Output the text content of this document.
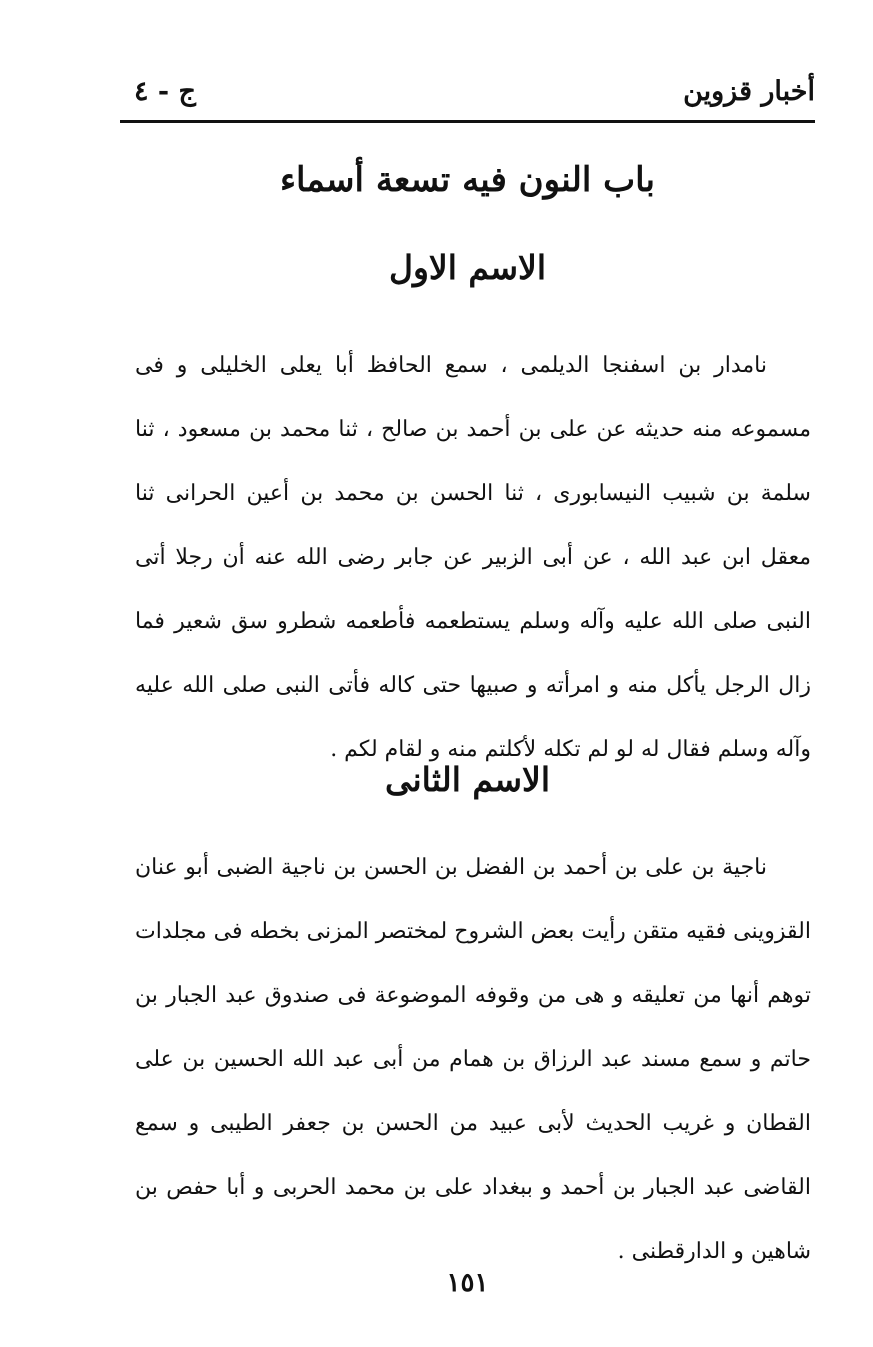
أخبار قزوين
ج - ٤
باب النون فيه تسعة أسماء
الاسم الاول

نامدار بن اسفنجا الديلمى ، سمع الحافظ أبا يعلى الخليلى و فى مسموعه منه حديثه عن على بن أحمد بن صالح ، ثنا محمد بن مسعود ، ثنا سلمة بن شبيب النيسابورى ، ثنا الحسن بن محمد بن أعين الحرانى ثنا معقل ابن عبد الله ، عن أبى الزبير عن جابر رضى الله عنه أن رجلا أتى النبى صلى الله عليه وآله وسلم يستطعمه فأطعمه شطرو سق شعير فما زال الرجل يأكل منه و امرأته و صبيها حتى كاله فأتى النبى صلى الله عليه وآله وسلم فقال له لو لم تكله لأكلتم منه و لقام لكم .

الاسم الثانى

ناجية بن على بن أحمد بن الفضل بن الحسن بن ناجية الضبى أبو عنان القزوينى فقيه متقن رأيت بعض الشروح لمختصر المزنى بخطه فى مجلدات توهم أنها من تعليقه و هى من وقوفه الموضوعة فى صندوق عبد الجبار بن حاتم و سمع مسند عبد الرزاق بن همام من أبى عبد الله الحسين بن على القطان و غريب الحديث لأبى عبيد من الحسن بن جعفر الطيبى و سمع القاضى عبد الجبار بن أحمد و ببغداد على بن محمد الحربى و أبا حفص بن شاهين و الدارقطنى .

١٥١
